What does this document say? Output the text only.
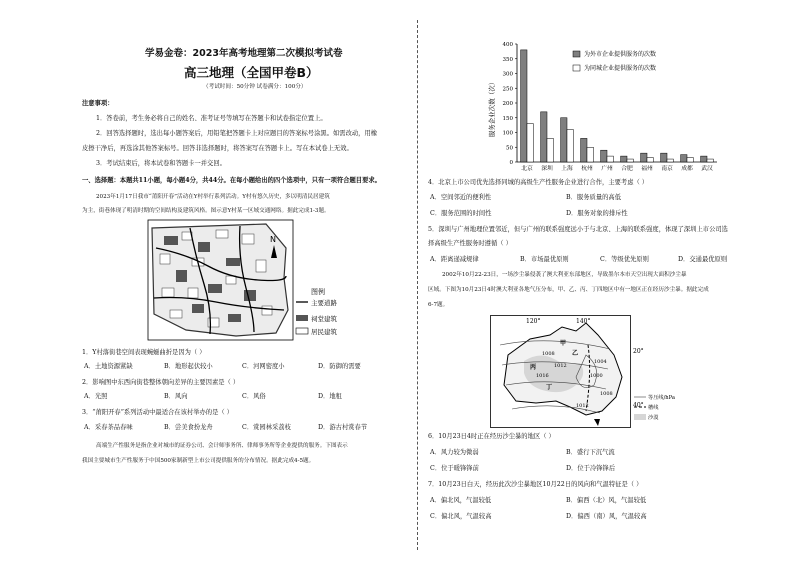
学易金卷：2023年高考地理第二次模拟考试卷
高三地理（全国甲卷B）
（考试时间：50分钟 试卷满分：100分）
注意事项：
1．答卷前，考生务必将自己的姓名、准考证号等填写在答题卡和试卷指定位置上。
2．回答选择题时，选出每小题答案后，用铅笔把答题卡上对应题目的答案标号涂黑。如需改动，用橡
皮擦干净后，再选涂其他答案标号。回答非选择题时，将答案写在答题卡上。写在本试卷上无效。
3．考试结束后，将本试卷和答题卡一并交回。
一、选择题：本题共11小题，每小题4分，共44分。在每小题给出的四个选项中，只有一项符合题目要求。
2023年1月17日我市“莆阳开春”活动在Y村举行系列活动。Y村有悠久历史，多以明清民居建筑
为主，街巷体现了明清时期的空间结构及建筑风格。图示意Y村某一区域交通网络。据此完成1-3题。
N
图例
主要道路
祠堂建筑
居民建筑
1．Y村落街巷空间表现蜿蜒曲折是因为（ ）
A．土地资源紧缺	B．地形起伏较小	C．河网密度小	D．防御的需要
2．影响图中东西向街巷整体朝向差异的主要因素是（ ）
A．光照	B．风向	C．风俗	D．地租
3．“莆阳开春”系列活动中最适合在该村举办的是（ ）
A．采春茶品春味	B．尝美食扮龙舟	C．赏园林采荔枝	D．游古村赏春节
高端生产性服务是指企业对城市的证券公司、会计师事务所、律师事务所等企业提供的服务。下图表示
我国主要城市生产性服务于中国500家制新型上市公司提供服务的分布情况。据此完成4-5题。
服务企业次数（次）
0
50
100
150
200
250
300
350
400
北京 深圳 上海 杭州 广州 合肥 福州 南京 成都 武汉
为外市企业提供服务的次数
为同城企业提供服务的次数
4．北京上市公司优先选择同城的高级生产性服务企业进行合作，主要考虑（ ）
A．空间邻近的便利性	B．服务质量的高低
C．服务范围的时间性	D．服务对象的排斥性
5．深圳与广州地理位置邻近，但与广州的联系强度远小于与北京、上海的联系强度，体现了深圳上市公司选
择高级生产性服务时遵循（ ）
A．距离递减规律	B．市场最优原则	C．等级优先原则	D．交通最优原则
2002年10月22-23日，一场沙尘暴侵袭了澳大利亚东部地区，导致墨尔本市天空出现大面积沙尘暴
区域。下图为10月23日4时澳大利亚各地气压分布，甲、乙、丙、丁四地区中有一地区正在经历沙尘暴。据此完成
6-7题。
120°	140°
20°
40°
1008
1012
1016
1004
1000
1008
1012
甲
乙
丙
丁
等压线/hPa
槽线
沙漠
6．10月23日4时正在经历沙尘暴的地区（ ）
A．风力较为微弱	B．盛行下沉气流
C．位于暖锋锋前	D．位于冷锋锋后
7．10月23日白天，经历此次沙尘暴地区10月22日的风向和气温特征是（ ）
A．偏北风，气温较低	B．偏西（北）风，气温较低
C．偏北风，气温较高	D．偏西（南）风，气温较高
